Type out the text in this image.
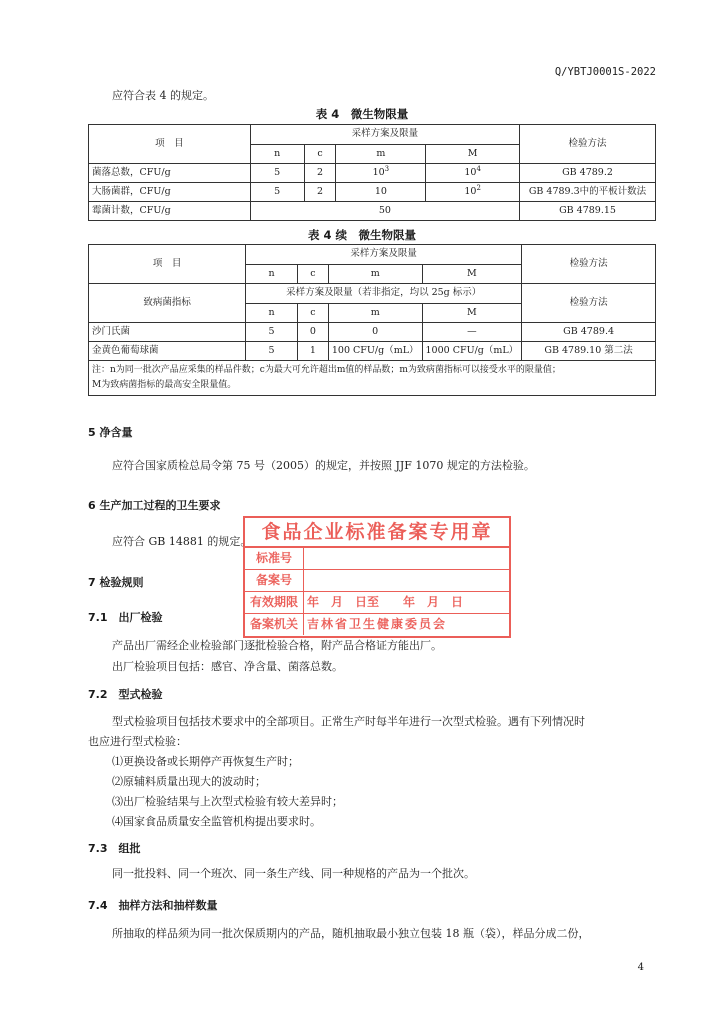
Q/YBTJ0001S-2022
应符合表 4 的规定。
表 4　微生物限量
项　目	采样方案及限量				检验方法
	n	c	m	M	
菌落总数，CFU/g	5	2	$10^3$	$10^4$	GB 4789.2
大肠菌群，CFU/g	5	2	10	$10^2$	GB 4789.3中的平板计数法
霉菌计数，CFU/g	50				GB 4789.15
表 4 续　微生物限量
项　目	采样方案及限量				检验方法
	n	c	m	M	
致病菌指标	采样方案及限量（若非指定，均以 25g 标示）				检验方法
	n	c	m	M	
沙门氏菌	5	0	0	—	GB 4789.4
金黄色葡萄球菌	5	1	100 CFU/g（mL）	1000 CFU/g（mL）	GB 4789.10 第二法
注：n为同一批次产品应采集的样品件数；c为最大可允许超出m值的样品数；m为致病菌指标可以接受水平的限量值；
M为致病菌指标的最高安全限量值。					
5 净含量
应符合国家质检总局令第 75 号（2005）的规定，并按照 JJF 1070 规定的方法检验。
6 生产加工过程的卫生要求
应符合 GB 14881 的规定。
7 检验规则
7.1　出厂检验
产品出厂需经企业检验部门逐批检验合格，附产品合格证方能出厂。
出厂检验项目包括：感官、净含量、菌落总数。
7.2　型式检验
型式检验项目包括技术要求中的全部项目。正常生产时每半年进行一次型式检验。遇有下列情况时
也应进行型式检验：
⑴更换设备或长期停产再恢复生产时；
⑵原辅料质量出现大的波动时；
⑶出厂检验结果与上次型式检验有较大差异时；
⑷国家食品质量安全监管机构提出要求时。
7.3　组批
同一批投料、同一个班次、同一条生产线、同一种规格的产品为一个批次。
7.4　抽样方法和抽样数量
所抽取的样品须为同一批次保质期内的产品，随机抽取最小独立包装 18 瓶（袋），样品分成二份，
食品企业标准备案专用章
标准号
备案号
有效期限 年　月　日至　　年　月　日
备案机关 吉林省卫生健康委员会
4
